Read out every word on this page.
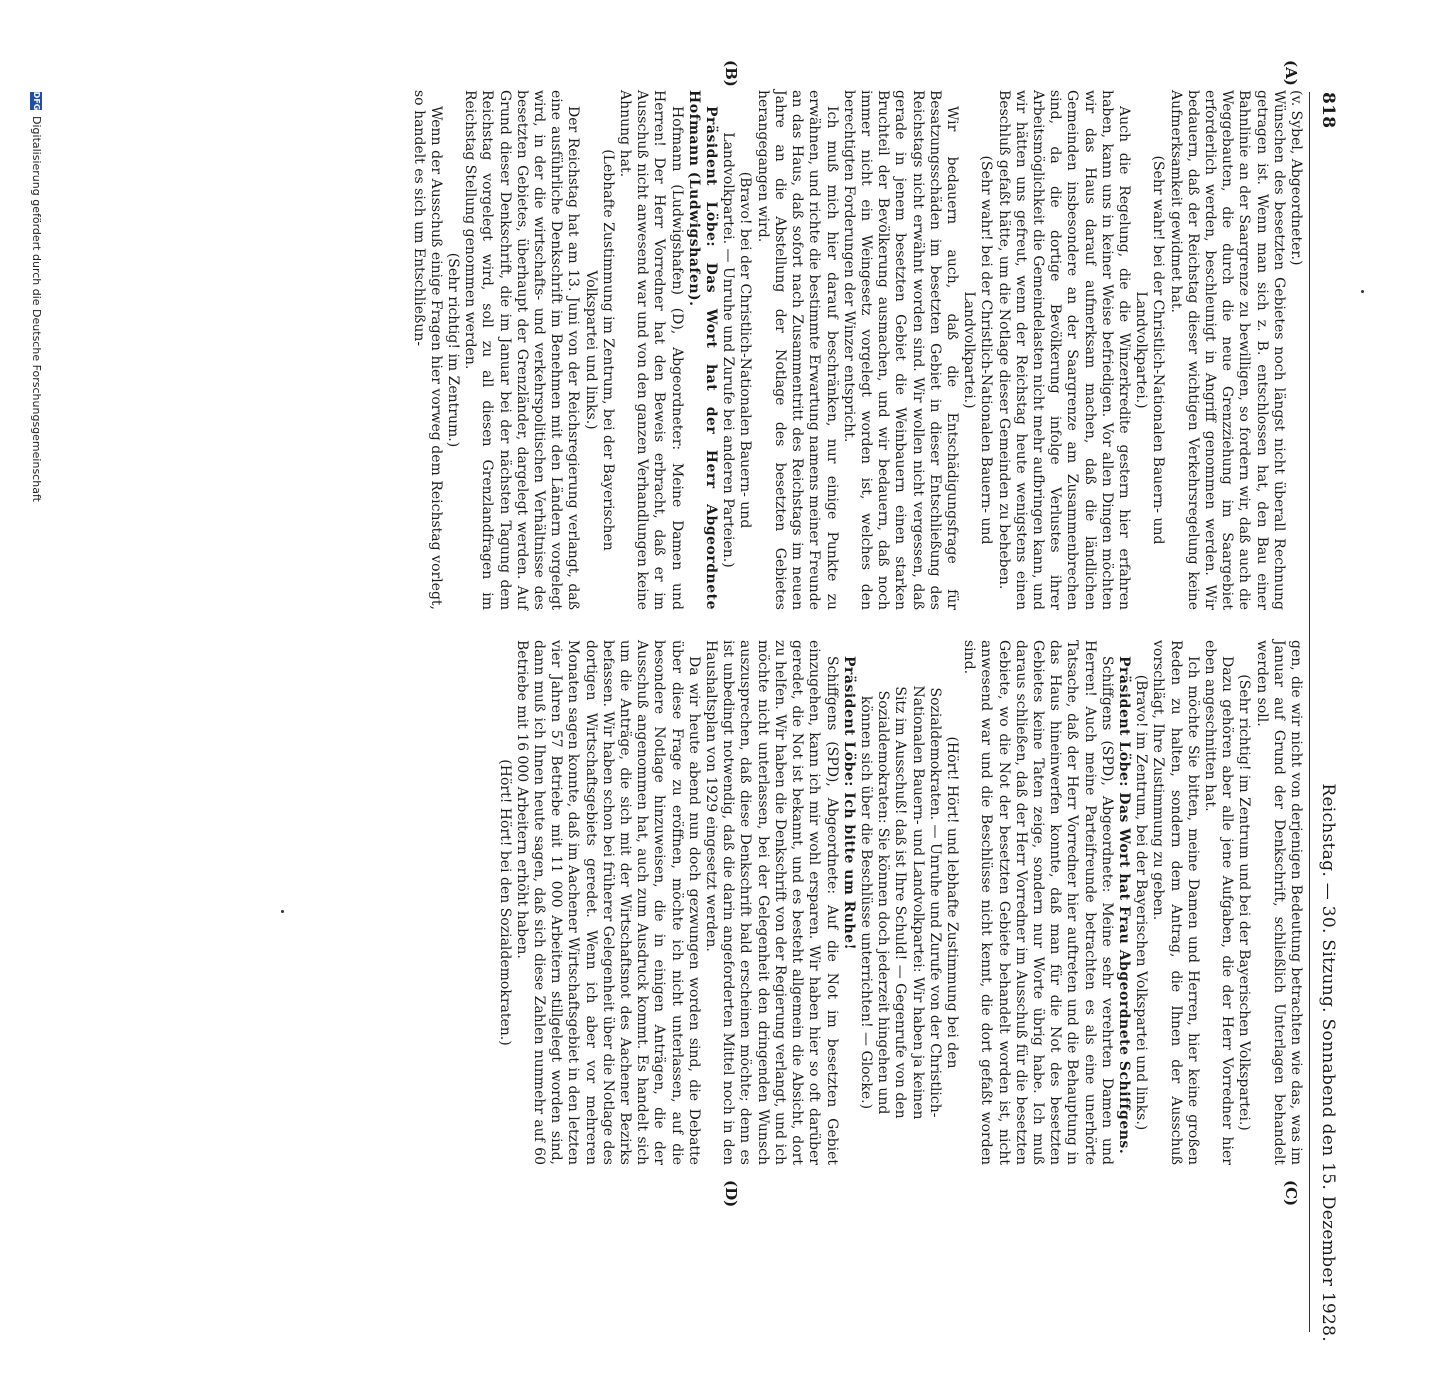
818
Reichstag. — 30. Sitzung. Sonnabend den 15. Dezember 1928.
(A)
(B)
(C)
(D)

(v. Sybel, Abgeordneter.)

Wünschen des besetzten Gebietes noch längst nicht überall Rechnung getragen ist. Wenn man sich z. B. entschlossen hat, den Bau einer Bahnlinie an der Saargrenze zu bewilligen, so fordern wir, daß auch die Weggebauten, die durch die neue Grenzziehung im Saargebiet erforderlich werden, beschleunigt in Angriff genommen werden. Wir bedauern, daß der Reichstag dieser wichtigen Verkehrsregelung keine Aufmerksamkeit gewidmet hat.

(Sehr wahr! bei der Christlich-Nationalen Bauern- und Landvolkpartei.)

Auch die Regelung, die die Winzerkredite gestern hier erfahren haben, kann uns in keiner Weise befriedigen. Vor allen Dingen möchten wir das Haus darauf aufmerksam machen, daß die ländlichen Gemeinden insbesondere an der Saargrenze am Zusammenbrechen sind, da die dortige Bevölkerung infolge Verlustes ihrer Arbeitsmöglichkeit die Gemeindelasten nicht mehr aufbringen kann, und wir hätten uns gefreut, wenn der Reichstag heute wenigstens einen Beschluß gefaßt hätte, um die Notlage dieser Gemeinden zu beheben.

(Sehr wahr! bei der Christlich-Nationalen Bauern- und Landvolkpartei.)

Wir bedauern auch, daß die Entschädigungsfrage für Besatzungsschäden im besetzten Gebiet in dieser Entschließung des Reichstags nicht erwähnt worden sind. Wir wollen nicht vergessen, daß gerade in jenem besetzten Gebiet die Weinbauern einen starken Bruchteil der Bevölkerung ausmachen, und wir bedauern, daß noch immer nicht ein Weingesetz vorgelegt worden ist, welches den berechtigten Forderungen der Winzer entspricht.

Ich muß mich hier darauf beschränken, nur einige Punkte zu erwähnen, und richte die bestimmte Erwartung namens meiner Freunde an das Haus, daß sofort nach Zusammentritt des Reichstags im neuen Jahre an die Abstellung der Notlage des besetzten Gebietes herangegangen wird.

(Bravo! bei der Christlich-Nationalen Bauern- und Landvolkpartei. — Unruhe und Zurufe bei anderen Parteien.)

Präsident Löbe: Das Wort hat der Herr Abgeordnete Hofmann (Ludwigshafen).

Hofmann (Ludwigshafen) (D), Abgeordneter: Meine Damen und Herren! Der Herr Vorredner hat den Beweis erbracht, daß er im Ausschuß nicht anwesend war und von den ganzen Verhandlungen keine Ahnung hat.

(Lebhafte Zustimmung im Zentrum, bei der Bayerischen Volkspartei und links.)

Der Reichstag hat am 13. Juni von der Reichsregierung verlangt, daß eine ausführliche Denkschrift im Benehmen mit den Ländern vorgelegt wird, in der die wirtschafts- und verkehrspolitischen Verhältnisse des besetzten Gebietes, überhaupt der Grenzländer, dargelegt werden. Auf Grund dieser Denkschrift, die im Januar bei der nächsten Tagung dem Reichstag vorgelegt wird, soll zu all diesen Grenzlandfragen im Reichstag Stellung genommen werden.

(Sehr richtig! im Zentrum.)

Wenn der Ausschuß einige Fragen hier vorweg dem Reichstag vorlegt, so handelt es sich um Entschließun-

gen, die wir nicht von derjenigen Bedeutung betrachten wie das, was im Januar auf Grund der Denkschrift, schließlich Unterlagen behandelt werden soll.

(Sehr richtig! im Zentrum und bei der Bayerischen Volkspartei.)

Dazu gehören aber alle jene Aufgaben, die der Herr Vorredner hier eben angeschnitten hat.

Ich möchte Sie bitten, meine Damen und Herren, hier keine großen Reden zu halten, sondern dem Antrag, die Ihnen der Ausschuß vorschlägt, Ihre Zustimmung zu geben.

(Bravo! im Zentrum, bei der Bayerischen Volkspartei und links.)

Präsident Löbe: Das Wort hat Frau Abgeordnete Schiffgens.

Schiffgens (SPD), Abgeordnete: Meine sehr verehrten Damen und Herren! Auch meine Parteifreunde betrachten es als eine unerhörte Tatsache, daß der Herr Vorredner hier auftreten und die Behauptung in das Haus hineinwerfen konnte, daß man für die Not des besetzten Gebietes keine Taten zeige, sondern nur Worte übrig habe. Ich muß daraus schließen, daß der Herr Vorredner im Ausschuß für die besetzten Gebiete, wo die Not der besetzten Gebiete behandelt worden ist, nicht anwesend war und die Beschlüsse nicht kennt, die dort gefaßt worden sind.

(Hört! Hört! und lebhafte Zustimmung bei den Sozialdemokraten. — Unruhe und Zurufe von der Christlich-Nationalen Bauern- und Landvolkpartei: Wir haben ja keinen Sitz im Ausschuß! daß ist Ihre Schuld! — Gegenrufe von den Sozialdemokraten: Sie können doch jederzeit hingehen und können sich über die Beschlüsse unterrichten! — Glocke.)

Präsident Löbe: Ich bitte um Ruhe!

Schiffgens (SPD), Abgeordnete: Auf die Not im besetzten Gebiet einzugehen, kann ich mir wohl ersparen. Wir haben hier so oft darüber geredet, die Not ist bekannt, und es besteht allgemein die Absicht, dort zu helfen. Wir haben die Denkschrift von der Regierung verlangt, und ich möchte nicht unterlassen, bei der Gelegenheit den dringenden Wunsch auszusprechen, daß diese Denkschrift bald erscheinen möchte; denn es ist unbedingt notwendig, daß die darin angeforderten Mittel noch in den Haushaltsplan von 1929 eingesetzt werden.

Da wir heute abend nun doch gezwungen worden sind, die Debatte über diese Frage zu eröffnen, möchte ich nicht unterlassen, auf die besondere Notlage hinzuweisen, die in einigen Anträgen, die der Ausschuß angenommen hat, auch zum Ausdruck kommt. Es handelt sich um die Anträge, die sich mit der Wirtschaftsnot des Aachener Bezirks befassen. Wir haben schon bei früherer Gelegenheit über die Notlage des dortigen Wirtschaftsgebiets geredet. Wenn ich aber vor mehreren Monaten sagen konnte, daß im Aachener Wirtschaftsgebiet in den letzten vier Jahren 57 Betriebe mit 11 000 Arbeitern stillgelegt worden sind, dann muß ich Ihnen heute sagen, daß sich diese Zahlen nunmehr auf 60 Betriebe mit 16 000 Arbeitern erhöht haben.

(Hört! Hört! bei den Sozialdemokraten.)

DFG
Digitalisierung gefördert durch die Deutsche Forschungsgemeinschaft
